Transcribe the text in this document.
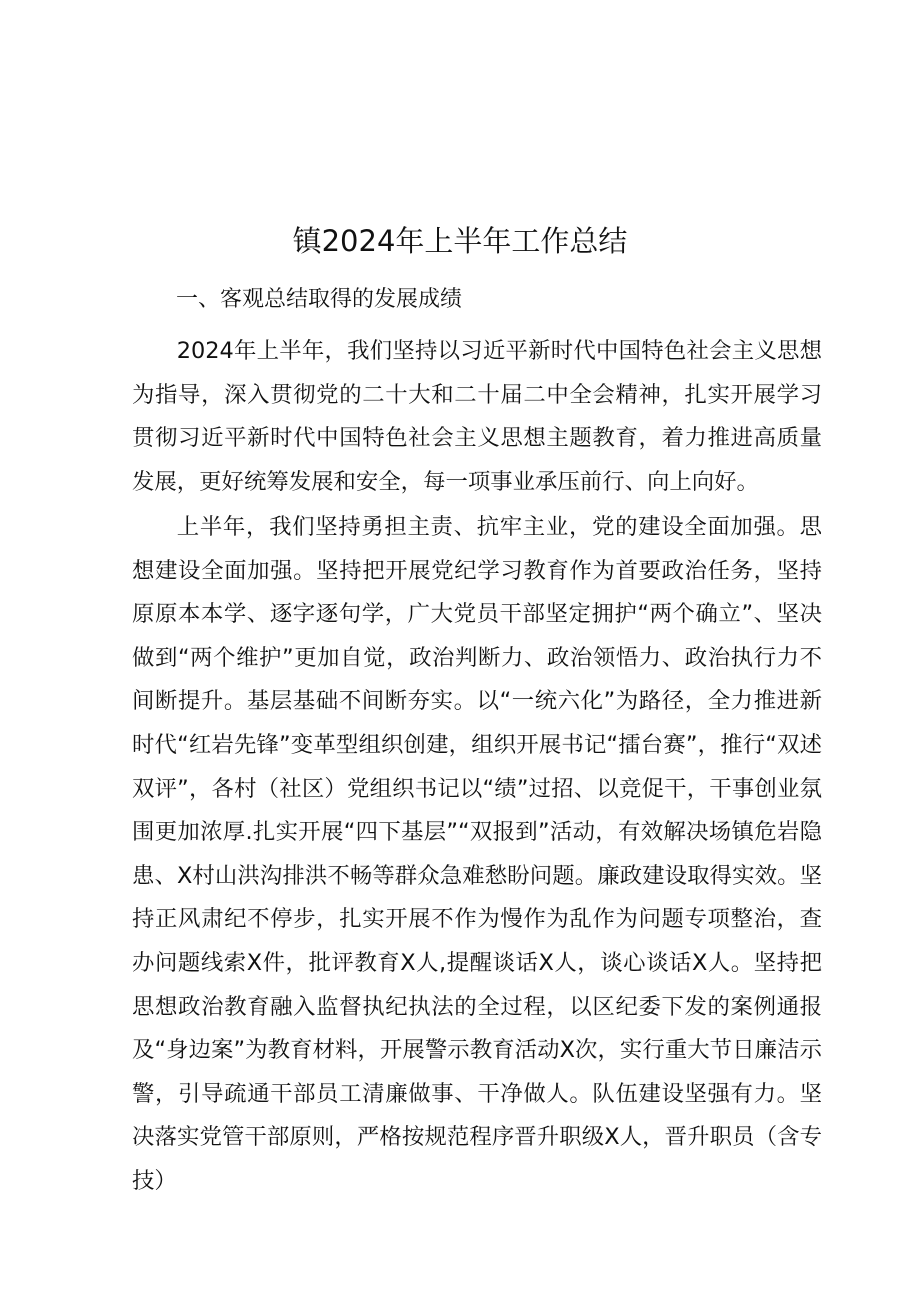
镇2024年上半年工作总结
一、客观总结取得的发展成绩

2024年上半年，我们坚持以习近平新时代中国特色社会主义思想为指导，深入贯彻党的二十大和二十届二中全会精神，扎实开展学习贯彻习近平新时代中国特色社会主义思想主题教育，着力推进高质量发展，更好统筹发展和安全，每一项事业承压前行、向上向好。

上半年，我们坚持勇担主责、抗牢主业，党的建设全面加强。思想建设全面加强。坚持把开展党纪学习教育作为首要政治任务，坚持原原本本学、逐字逐句学，广大党员干部坚定拥护“两个确立”、坚决做到“两个维护”更加自觉，政治判断力、政治领悟力、政治执行力不间断提升。基层基础不间断夯实。以“一统六化”为路径，全力推进新时代“红岩先锋”变革型组织创建，组织开展书记“擂台赛”，推行“双述双评”，各村（社区）党组织书记以“绩”过招、以竞促干，干事创业氛围更加浓厚.扎实开展“四下基层”“双报到”活动，有效解决场镇危岩隐患、X村山洪沟排洪不畅等群众急难愁盼问题。廉政建设取得实效。坚持正风肃纪不停步，扎实开展不作为慢作为乱作为问题专项整治，查办问题线索X件，批评教育X人,提醒谈话X人，谈心谈话X人。坚持把思想政治教育融入监督执纪执法的全过程，以区纪委下发的案例通报及“身边案”为教育材料，开展警示教育活动X次，实行重大节日廉洁示警，引导疏通干部员工清廉做事、干净做人。队伍建设坚强有力。坚决落实党管干部原则，严格按规范程序晋升职级X人，晋升职员（含专技）
